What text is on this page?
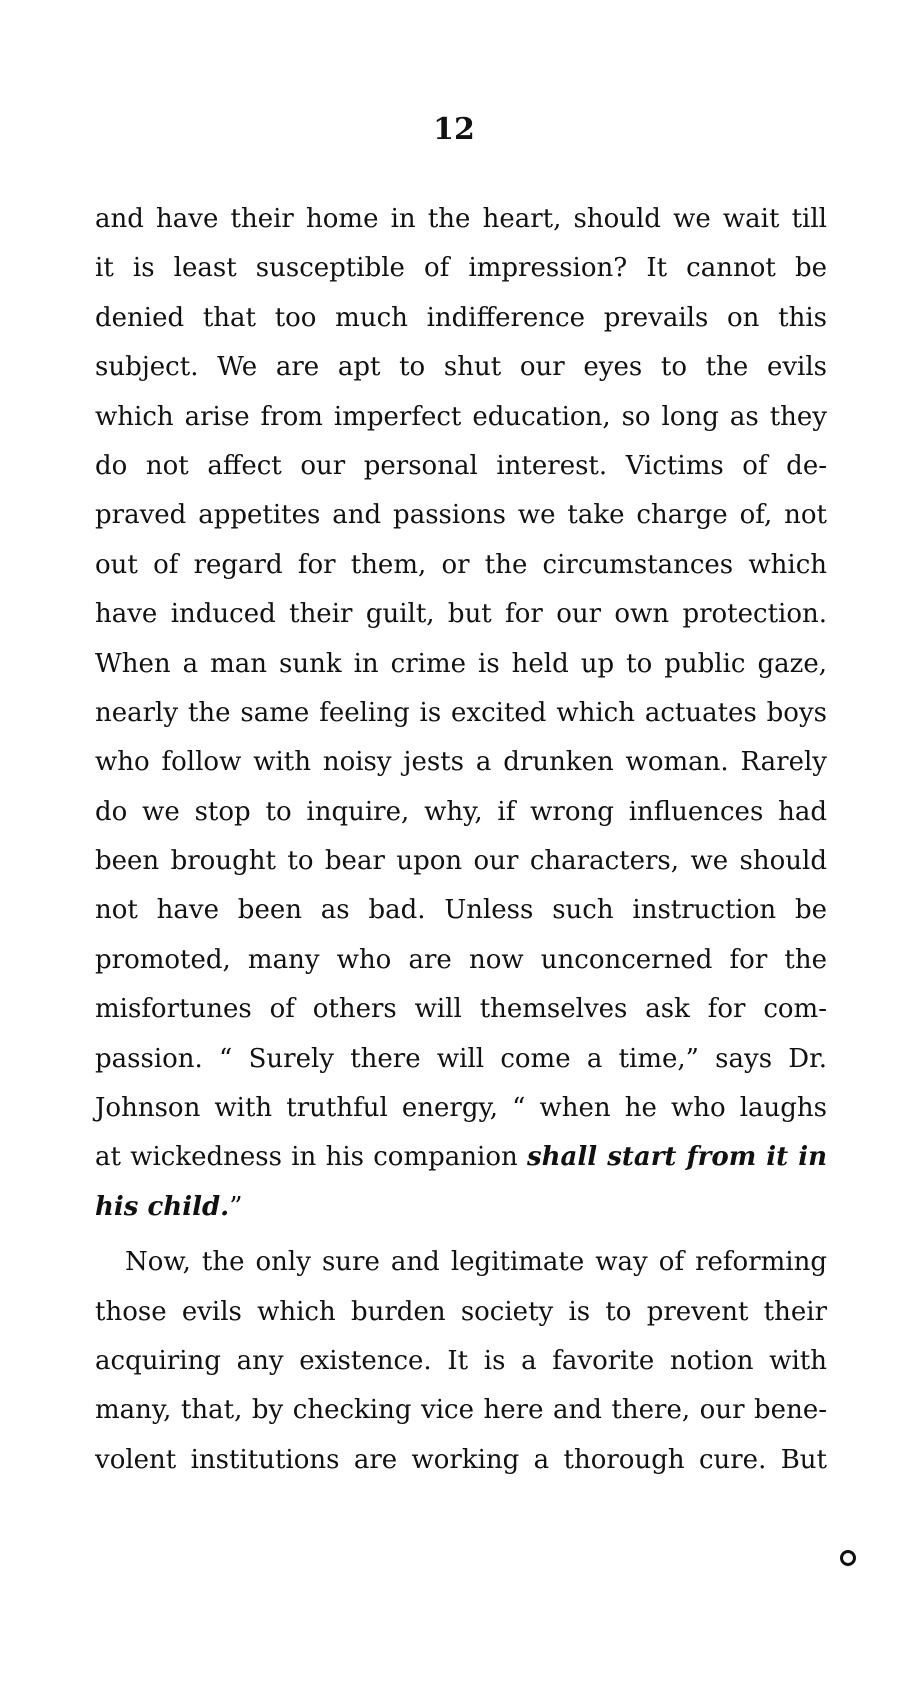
12
and have their home in the heart, should we wait till
it is least susceptible of impression? It cannot be
denied that too much indifference prevails on this
subject. We are apt to shut our eyes to the evils
which arise from imperfect education, so long as they
do not affect our personal interest. Victims of de-
praved appetites and passions we take charge of, not
out of regard for them, or the circumstances which
have induced their guilt, but for our own protection.
When a man sunk in crime is held up to public gaze,
nearly the same feeling is excited which actuates boys
who follow with noisy jests a drunken woman. Rarely
do we stop to inquire, why, if wrong influences had
been brought to bear upon our characters, we should
not have been as bad. Unless such instruction be
promoted, many who are now unconcerned for the
misfortunes of others will themselves ask for com-
passion. “ Surely there will come a time,” says Dr.
Johnson with truthful energy, “ when he who laughs
at wickedness in his companion shall start from it in
his child.”
Now, the only sure and legitimate way of reforming
those evils which burden society is to prevent their
acquiring any existence. It is a favorite notion with
many, that, by checking vice here and there, our bene-
volent institutions are working a thorough cure. But
